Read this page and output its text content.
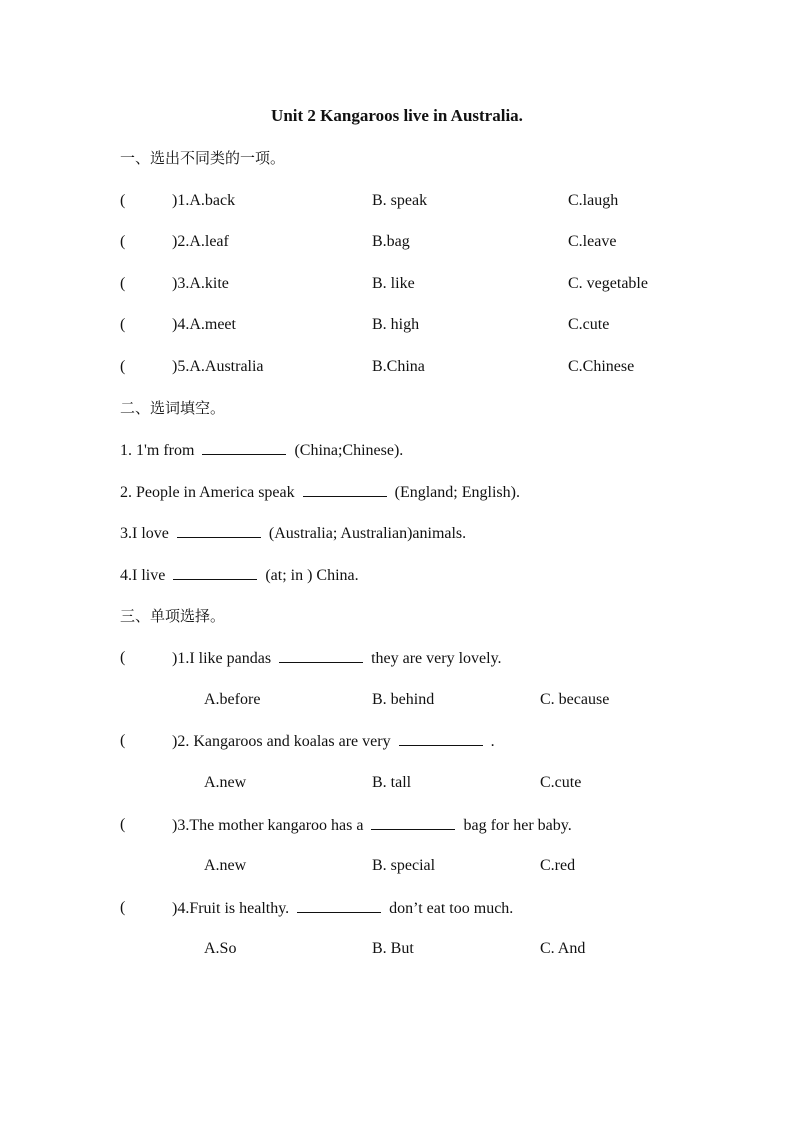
Unit 2 Kangaroos live in Australia.
一、选出不同类的一项。
(	)1.A.back	B. speak	C.laugh
(	)2.A.leaf	B.bag	C.leave
(	)3.A.kite	B. like	C. vegetable
(	)4.A.meet	B. high	C.cute
(	)5.A.Australia	B.China	C.Chinese
二、选词填空。
1. 1'm from	(China;Chinese).
2. People in America speak	(England; English).
3.I love	(Australia; Australian)animals.
4.I live	(at; in ) China.
三、单项选择。
(	)1.I like pandas	they are very lovely.
A.before	B. behind	C. because
(	)2. Kangaroos and koalas are very	.
A.new	B. tall	C.cute
(	)3.The mother kangaroo has a	bag for her baby.
A.new	B. special	C.red
(	)4.Fruit is healthy.	don’t eat too much.
A.So	B. But	C. And
